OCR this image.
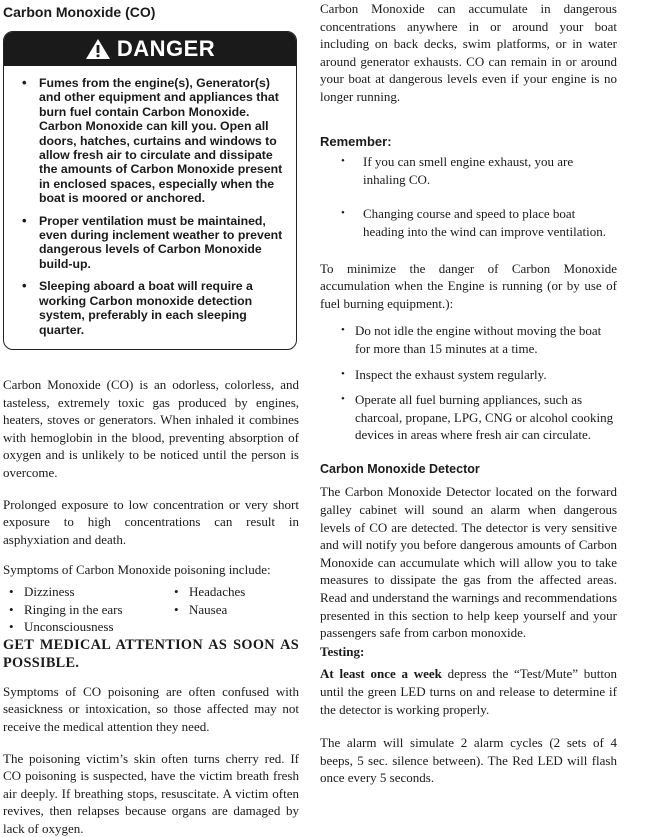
Carbon Monoxide (CO)
DANGER
• Fumes from the engine(s), Generator(s) and other equipment and appliances that burn fuel contain Carbon Monoxide. Carbon Monoxide can kill you. Open all doors, hatches, curtains and windows to allow fresh air to circulate and dissipate the amounts of Carbon Monoxide present in enclosed spaces, especially when the boat is moored or anchored.
• Proper ventilation must be maintained, even during inclement weather to prevent dangerous levels of Carbon Monoxide build-up.
• Sleeping aboard a boat will require a working Carbon monoxide detection system, preferably in each sleeping quarter.

Carbon Monoxide (CO) is an odorless, colorless, and tasteless, extremely toxic gas produced by engines, heaters, stoves or generators. When inhaled it combines with hemoglobin in the blood, preventing absorption of oxygen and is unlikely to be noticed until the person is overcome.

Prolonged exposure to low concentration or very short exposure to high concentrations can result in asphyxiation and death.

Symptoms of Carbon Monoxide poisoning include:

• Dizziness	• Headaches
• Ringing in the ears	• Nausea
• Unconsciousness

GET MEDICAL ATTENTION AS SOON AS POSSIBLE.

Symptoms of CO poisoning are often confused with seasickness or intoxication, so those affected may not receive the medical attention they need.

The poisoning victim’s skin often turns cherry red. If CO poisoning is suspected, have the victim breath fresh air deeply. If breathing stops, resuscitate. A victim often revives, then relapses because organs are damaged by lack of oxygen.

Carbon Monoxide can accumulate in dangerous concentrations anywhere in or around your boat including on back decks, swim platforms, or in water around generator exhausts. CO can remain in or around your boat at dangerous levels even if your engine is no longer running.

Remember:

• If you can smell engine exhaust, you are inhaling CO.
• Changing course and speed to place boat heading into the wind can improve ventilation.

To minimize the danger of Carbon Monoxide accumulation when the Engine is running (or by use of fuel burning equipment.):

• Do not idle the engine without moving the boat for more than 15 minutes at a time.
• Inspect the exhaust system regularly.
• Operate all fuel burning appliances, such as charcoal, propane, LPG, CNG or alcohol cooking devices in areas where fresh air can circulate.

Carbon Monoxide Detector

The Carbon Monoxide Detector located on the forward galley cabinet will sound an alarm when dangerous levels of CO are detected. The detector is very sensitive and will notify you before dangerous amounts of Carbon Monoxide can accumulate which will allow you to take measures to dissipate the gas from the affected areas. Read and understand the warnings and recommendations presented in this section to help keep yourself and your passengers safe from carbon monoxide.

Testing:

At least once a week depress the “Test/Mute” button until the green LED turns on and release to determine if the detector is working properly.

The alarm will simulate 2 alarm cycles (2 sets of 4 beeps, 5 sec. silence between). The Red LED will flash once every 5 seconds.
